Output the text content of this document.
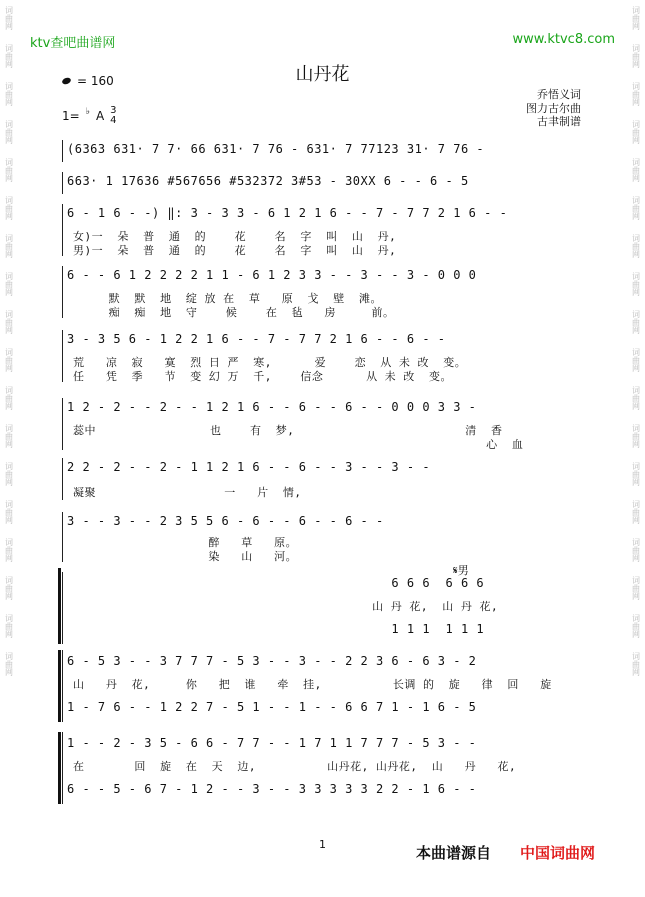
词曲网
词曲网
词曲网
词曲网
词曲网
词曲网
词曲网
词曲网
词曲网
词曲网
词曲网
词曲网
词曲网
词曲网
词曲网
词曲网
词曲网
词曲网
词曲网
词曲网
词曲网
词曲网
词曲网
词曲网
词曲网
词曲网
词曲网
词曲网
词曲网
词曲网
词曲网
词曲网
词曲网
词曲网
词曲网
词曲网
ktv查吧曲谱网	www.ktvc8.com
山丹花
= 160
1= ♭ A 3
4
乔悟义词
图力古尔曲
古聿制谱
(6363 631· 7 7· 66 631· 7 76 - 631· 7 77123 31· 7 76 -
663· 1 17636 #567656 #532372 3#53 - 30XX 6 - - 6 - 5
6 - 1 6 - -) ‖: 3 - 3 3 - 6 1 2 1 6 - - 7 - 7 7 2 1 6 - -
女)一  朵  普  通  的    花    名  字  叫  山  丹,
男)一  朵  普  通  的    花    名  字  叫  山  丹,
6 - - 6 1 2 2 2 2 1 1 - 6 1 2 3 3 - - 3 - - 3 - 0 0 0
默  默  地  绽 放 在  草   原  戈  壁  滩。
痴  痴  地  守    候    在  毡   房     前。
3 - 3 5 6 - 1 2 2 1 6 - - 7 - 7 7 2 1 6 - - 6 - -
荒   凉  寂   寞  烈 日 严  寒,      爱    恋  从 未 改  变。
任   凭  季   节  变 幻 万  千,    信念      从 未 改  变。
1 2 - 2 - - 2 - - 1 2 1 6 - - 6 - - 6 - - 0 0 0 3 3 -
蕊中                也    有  梦,                        清  香
心  血
2 2 - 2 - - 2 - 1 1 2 1 6 - - 6 - - 3 - - 3 - -
凝聚                  一   片  情,
3 - - 3 - - 2 3 5 5 6 - 6 - - 6 - - 6 - -
醉   草   原。
染   山   河。
𝄋男
6 6 6  6 6 6
山 丹 花,  山 丹 花,
1 1 1  1 1 1
6 - 5 3 - - 3 7 7 7 - 5 3 - - 3 - - 2 2 3 6 - 6 3 - 2
山   丹  花,     你   把  谁   牵  挂,          长调 的  旋   律  回   旋
1 - 7 6 - - 1 2 2 7 - 5 1 - - 1 - - 6 6 7 1 - 1 6 - 5
1 - - 2 - 3 5 - 6 6 - 7 7 - - 1 7 1 1 7 7 7 - 5 3 - -
在       回  旋  在  天  边,          山丹花, 山丹花,  山   丹   花,
6 - - 5 - 6 7 - 1 2 - - 3 - - 3 3 3 3 3 2 2 - 1 6 - -
1	本曲谱源自 中国词曲网
